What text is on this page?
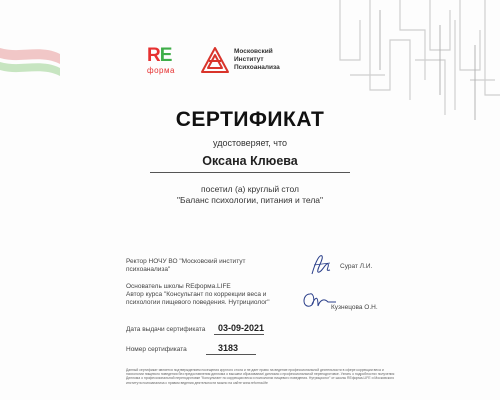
RE
форма
Московский
Институт
Психоанализа
СЕРТИФИКАТ
удостоверяет, что
Оксана Клюева
посетил (а) круглый стол
"Баланс психологии, питания и тела"
Ректор НОЧУ ВО "Московский институт
психоанализа"	Сурат Л.И.
Основатель школы REформа.LIFE
Автор курса "Консультант по коррекции веса и
психологии пищевого поведения. Нутрициолог"
Кузнецова О.Н.
Дата выдачи сертификата 03-09-2021
Номер сертификата	3183
Данный сертификат является подтверждением посещения круглого стола и не дает право на ведение профессиональной деятельности в сфере коррекции веса и психологии пищевого поведения без предоставления диплома о высшем образовании/ диплома о профессиональной переподготовке. Узнать о подробностях получения Диплома о профессиональной переподготовке "Консультант по коррекции веса и психологии пищевого поведения. Нутрициолог" от школы REформа.LIFE и Московского института психоанализа с правом ведения деятельности можно на сайте www.reforma.life
